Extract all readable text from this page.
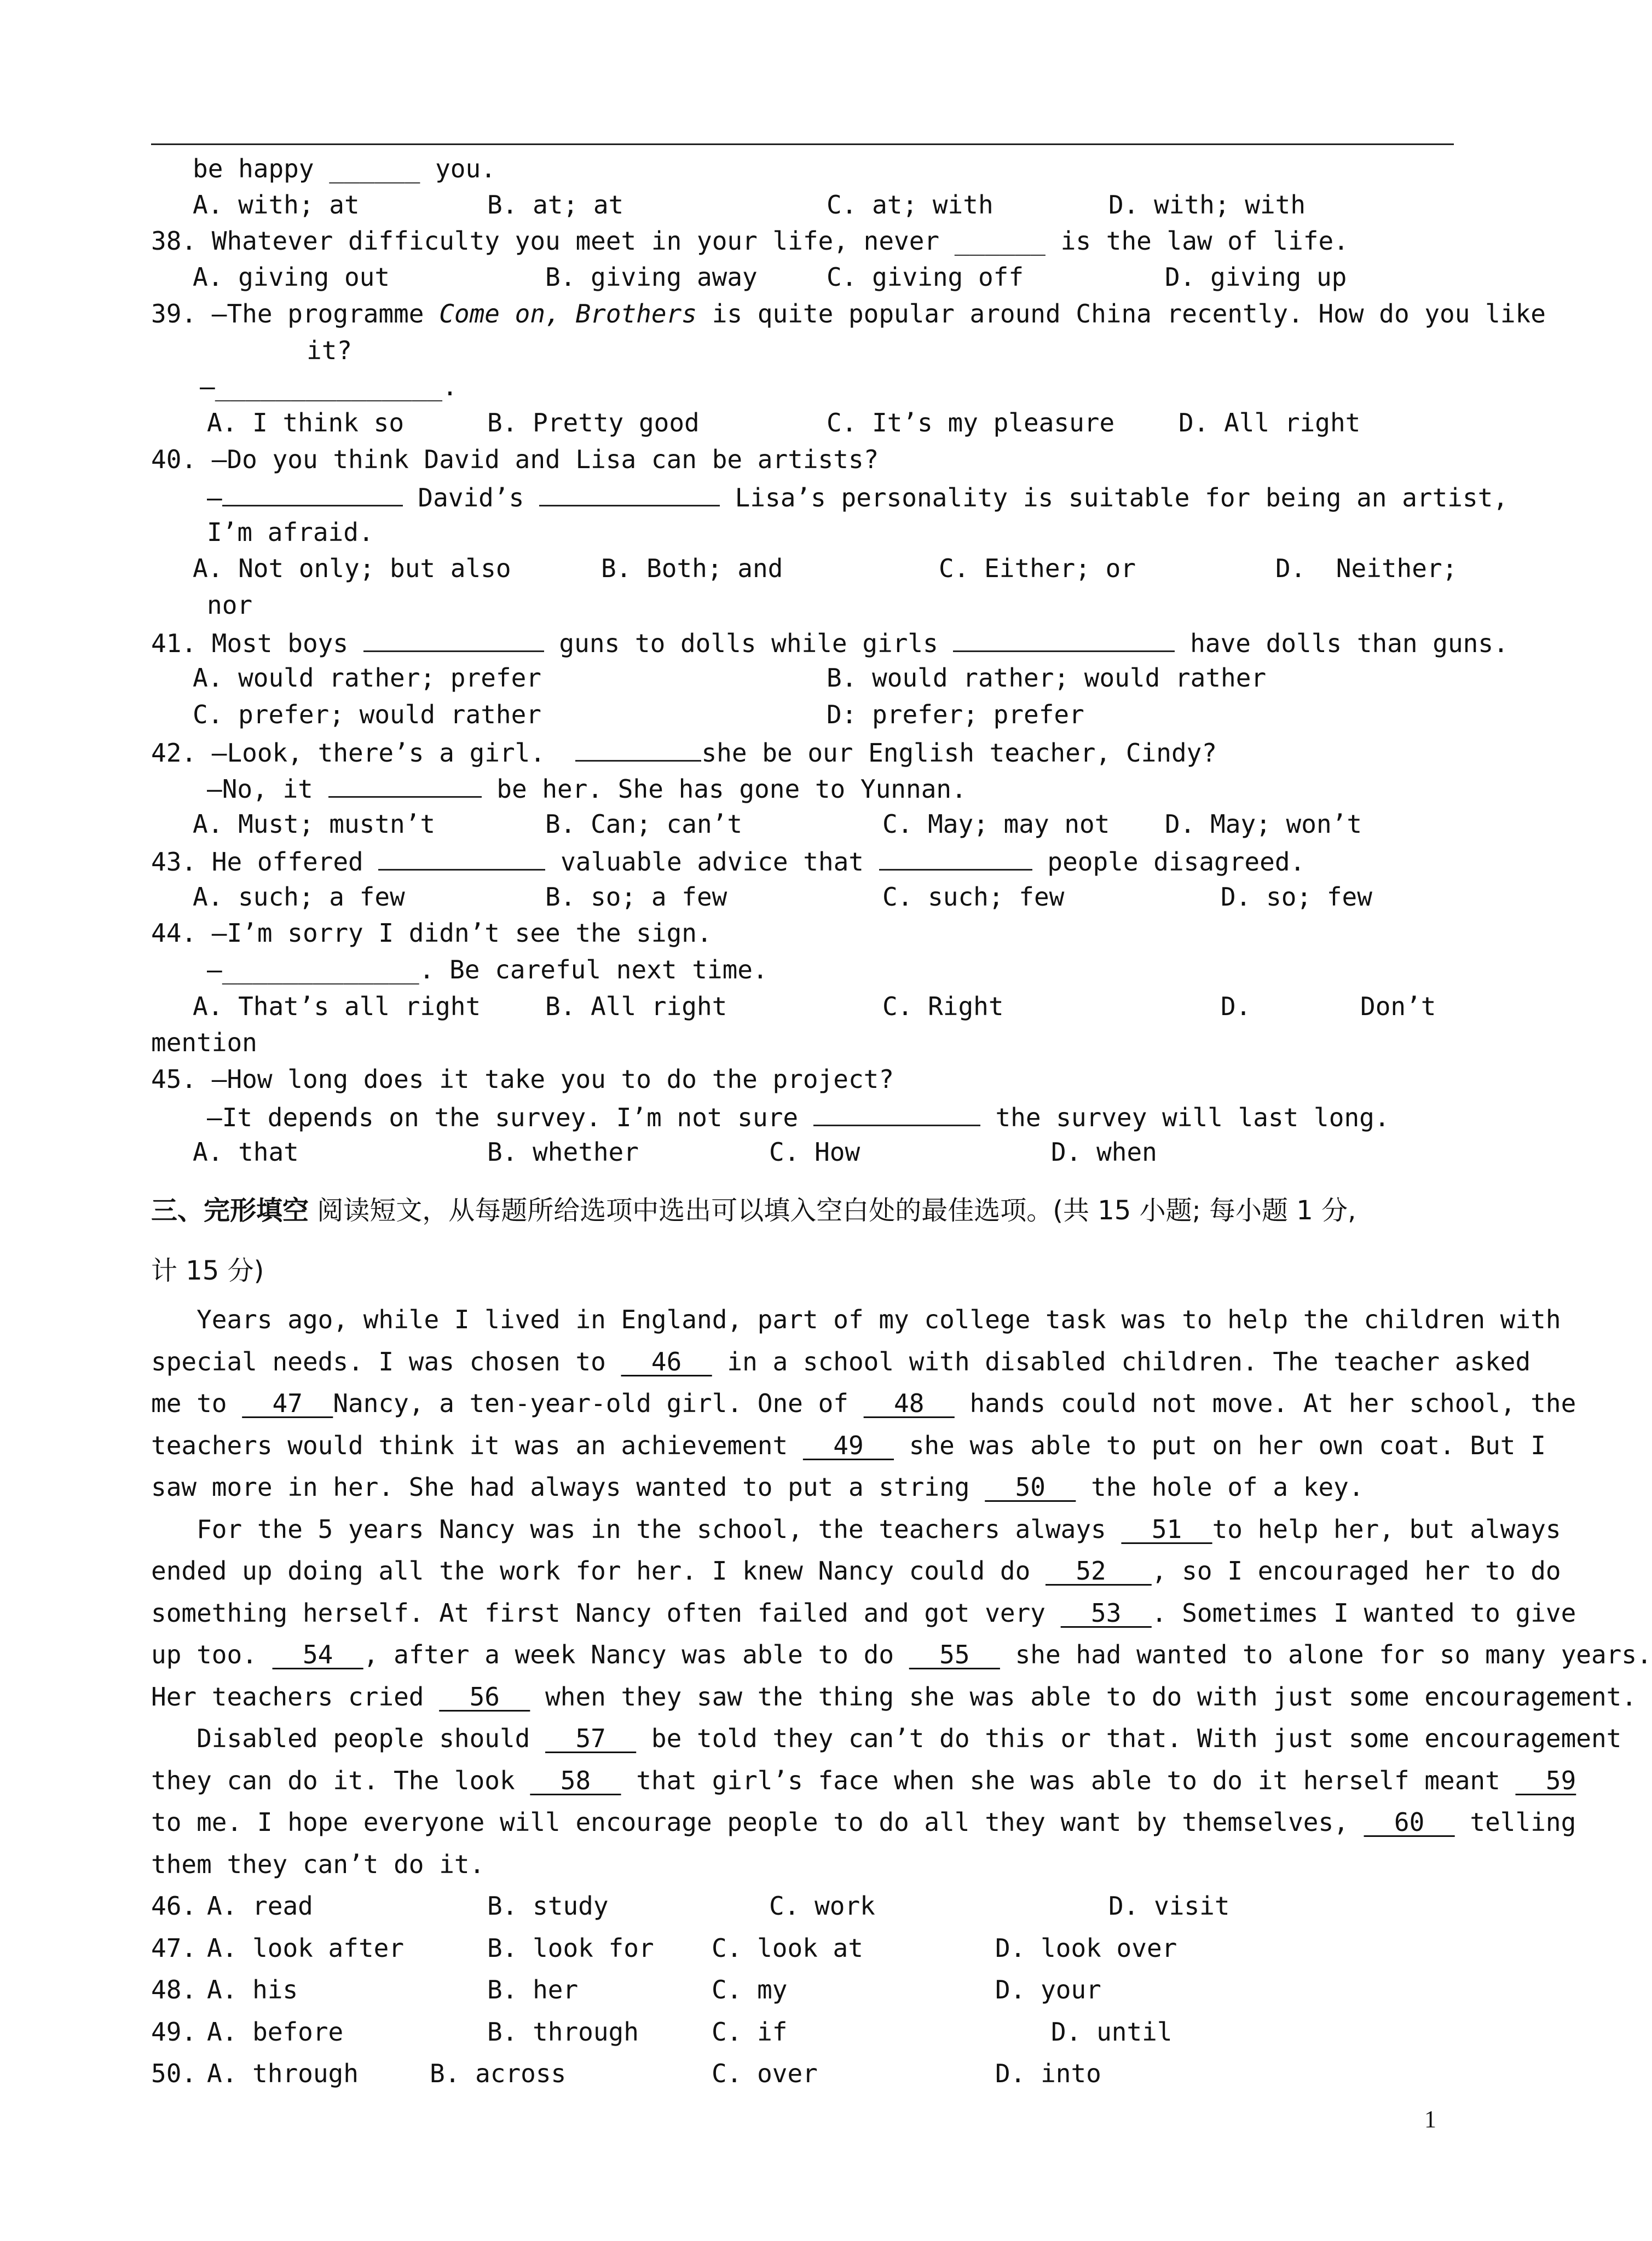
be happy ______ you.
A. with; at	B. at; at	C. at; with	D. with; with
38. Whatever difficulty you meet in your life, never ______ is the law of life.
A. giving out	B. giving away	C. giving off	D. giving up
39. —The programme Come on, Brothers is quite popular around China recently. How do you like
it?
—_______________.
A. I think so	B. Pretty good	C. It’s my pleasure	D. All right
40. —Do you think David and Lisa can be artists?
—	David’s	Lisa’s personality is suitable for being an artist,
I’m afraid.
A. Not only; but also	B. Both; and	C. Either; or	D.  Neither;
nor
41. Most boys	guns to dolls while girls	have dolls than guns.
A. would rather; prefer	B. would rather; would rather
C. prefer; would rather	D: prefer; prefer
42. —Look, there’s a girl.	she be our English teacher, Cindy?
—No, it	be her. She has gone to Yunnan.
A. Must; mustn’t	B. Can; can’t	C. May; may not D. May; won’t
43. He offered	valuable advice that	people disagreed.
A. such; a few	B. so; a few	C. such; few	D. so; few
44. —I’m sorry I didn’t see the sign.
—_____________. Be careful next time.
A. That’s all right	B. All right	C. Right	D.	Don’t
mention
45. —How long does it take you to do the project?
—It depends on the survey. I’m not sure	the survey will last long.
A. that	B. whether	C. How	D. when
三、完形填空 阅读短文，从每题所给选项中选出可以填入空白处的最佳选项。(共 15 小题; 每小题 1 分,
计 15 分)
Years ago, while I lived in England, part of my college task was to help the children with
special needs. I was chosen to   46   in a school with disabled children. The teacher asked
me to   47  Nancy, a ten-year-old girl. One of   48   hands could not move. At her school, the
teachers would think it was an achievement   49   she was able to put on her own coat. But I
saw more in her. She had always wanted to put a string   50   the hole of a key.
For the 5 years Nancy was in the school, the teachers always   51  to help her, but always
ended up doing all the work for her. I knew Nancy could do   52   , so I encouraged her to do
something herself. At first Nancy often failed and got very   53  . Sometimes I wanted to give
up too.   54  , after a week Nancy was able to do   55   she had wanted to alone for so many years.
Her teachers cried   56   when they saw the thing she was able to do with just some encouragement.
Disabled people should   57   be told they can’t do this or that. With just some encouragement
they can do it. The look   58   that girl’s face when she was able to do it herself meant   59
to me. I hope everyone will encourage people to do all they want by themselves,   60   telling
them they can’t do it.
46. A. read	B. study	C. work	D. visit
47. A. look after	B. look for C. look at	D. look over
48. A. his	B. her	C. my	D. your
49. A. before	B. through	C. if	D. until
50. A. through	B. across	C. over	D. into
1
